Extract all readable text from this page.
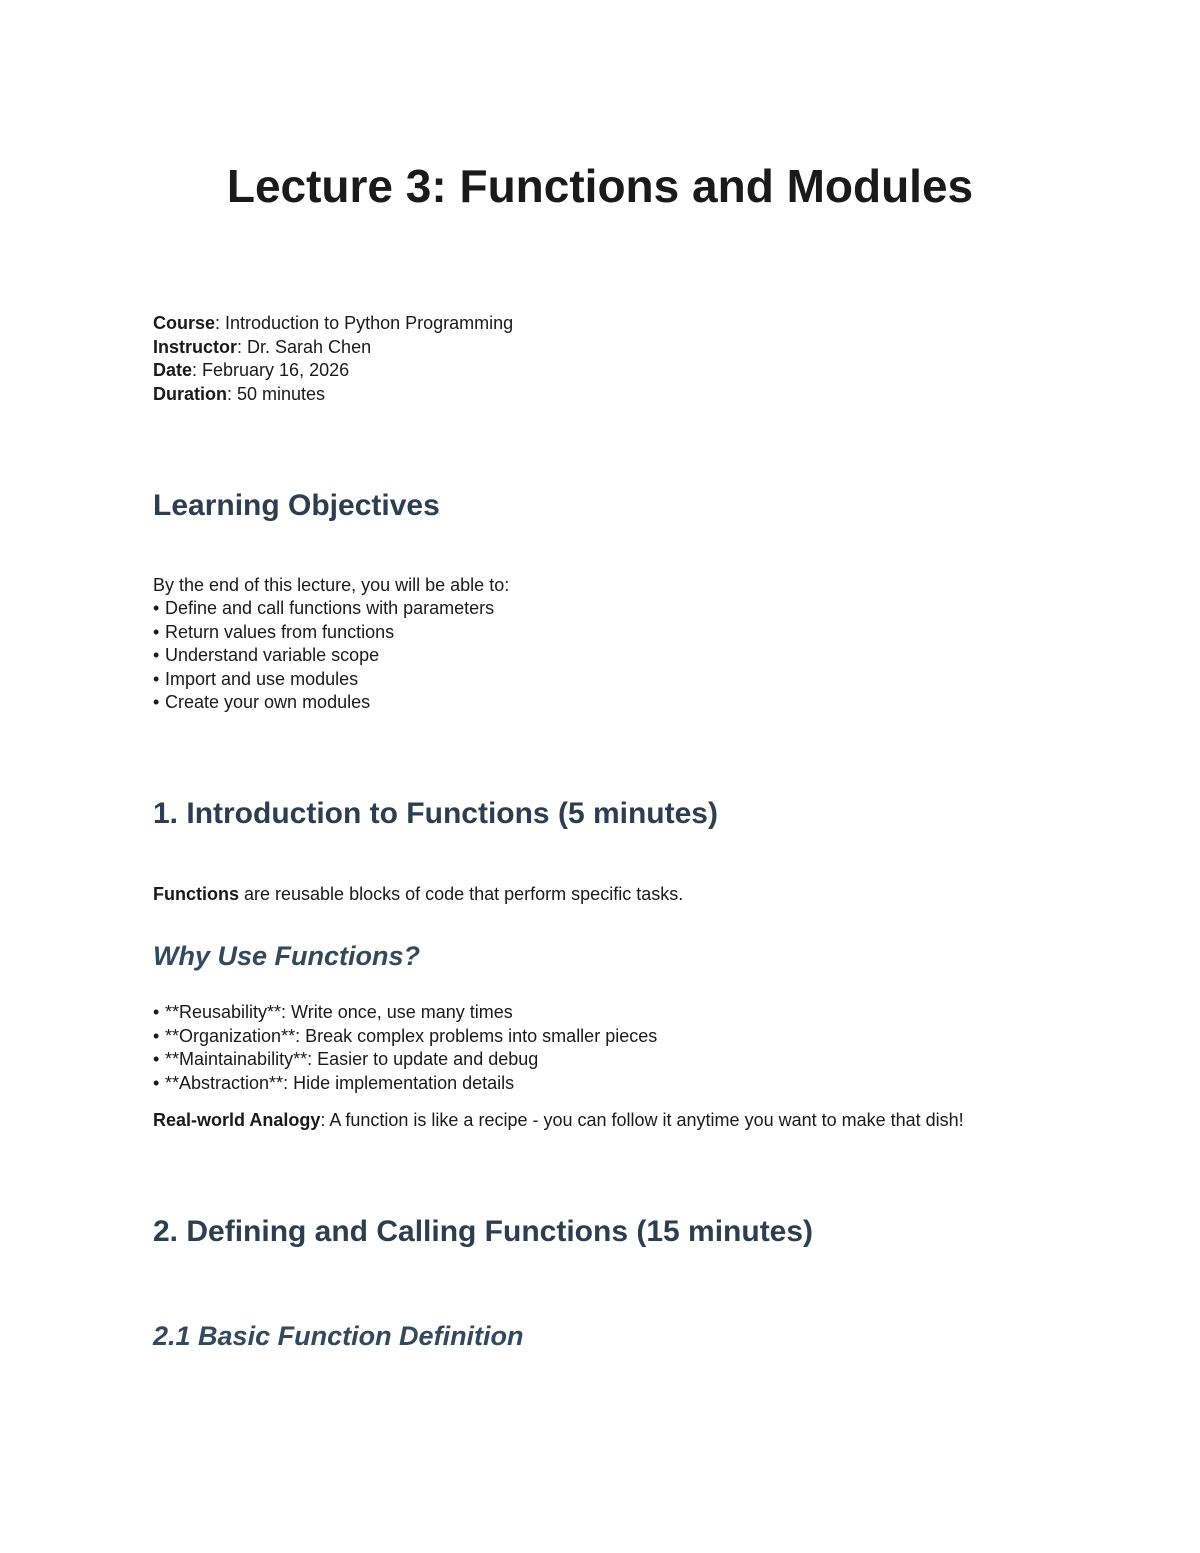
Lecture 3: Functions and Modules
Course: Introduction to Python Programming
Instructor: Dr. Sarah Chen
Date: February 16, 2026
Duration: 50 minutes
Learning Objectives
By the end of this lecture, you will be able to:
• Define and call functions with parameters
• Return values from functions
• Understand variable scope
• Import and use modules
• Create your own modules
1. Introduction to Functions (5 minutes)
Functions are reusable blocks of code that perform specific tasks.
Why Use Functions?
• **Reusability**: Write once, use many times
• **Organization**: Break complex problems into smaller pieces
• **Maintainability**: Easier to update and debug
• **Abstraction**: Hide implementation details
Real-world Analogy: A function is like a recipe - you can follow it anytime you want to make that dish!
2. Defining and Calling Functions (15 minutes)
2.1 Basic Function Definition
